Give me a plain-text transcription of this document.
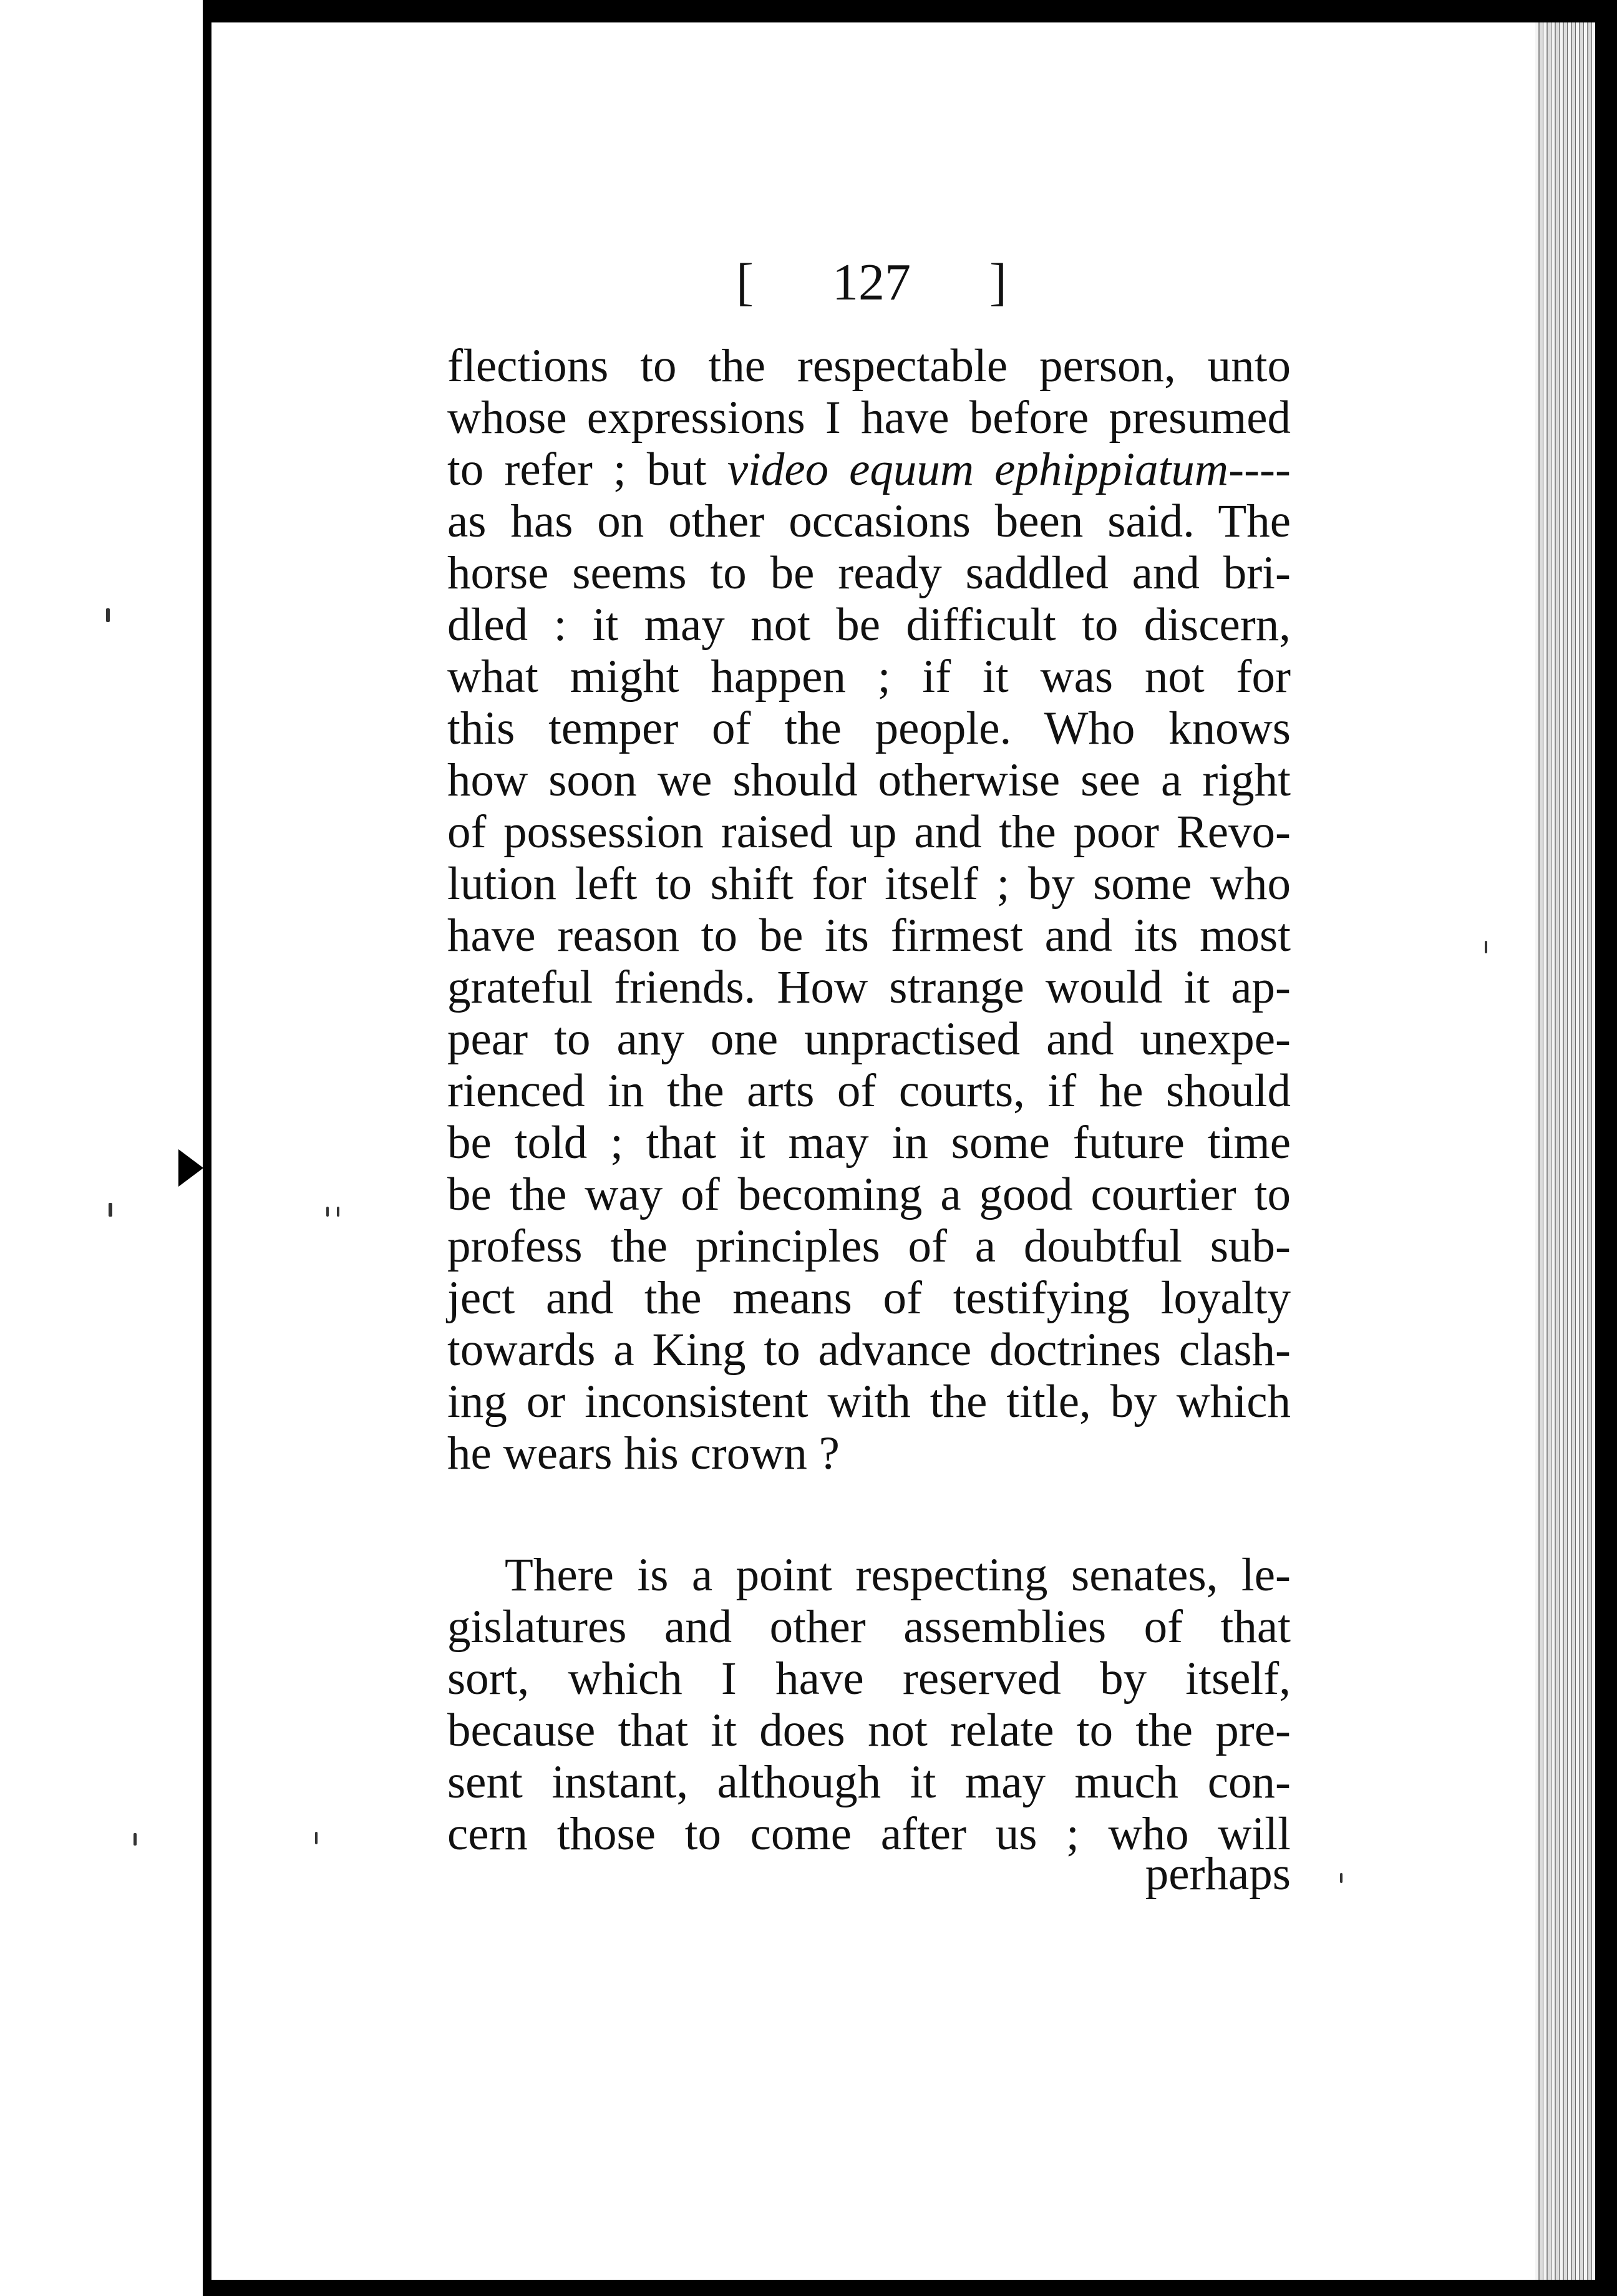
[ 127 ]
flections to the respectable person, unto
whose expressions I have before presumed
to refer ; but video equum ephippiatum----
as has on other occasions been said. The
horse seems to be ready saddled and bri-
dled : it may not be difficult to discern,
what might happen ; if it was not for
this temper of the people. Who knows
how soon we should otherwise see a right
of possession raised up and the poor Revo-
lution left to shift for itself ; by some who
have reason to be its firmest and its most
grateful friends. How strange would it ap-
pear to any one unpractised and unexpe-
rienced in the arts of courts, if he should
be told ; that it may in some future time
be the way of becoming a good courtier to
profess the principles of a doubtful sub-
ject and the means of testifying loyalty
towards a King to advance doctrines clash-
ing or inconsistent with the title, by which
he wears his crown ?
There is a point respecting senates, le-
gislatures and other assemblies of that
sort, which I have reserved by itself,
because that it does not relate to the pre-
sent instant, although it may much con-
cern those to come after us ; who will
perhaps
